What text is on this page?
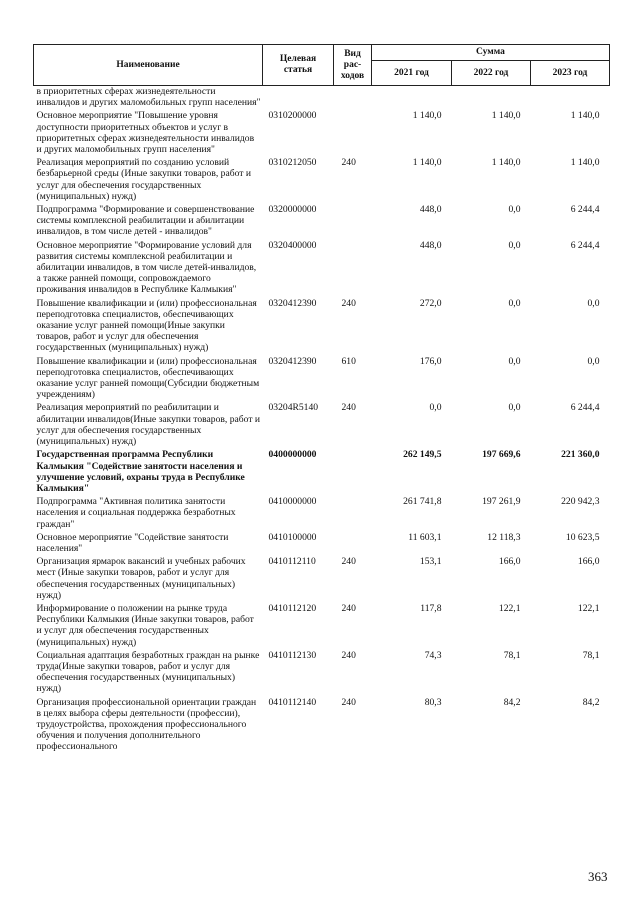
Наименование	Целевая статья	Вид рас-ходов	Сумма		
			2021 год	2022 год	2023 год
в приоритетных сферах жизнедеятельности инвалидов и других маломобильных групп населения"					
Основное мероприятие "Повышение уровня доступности приоритетных объектов и услуг в приоритетных сферах жизнедеятельности инвалидов и других маломобильных групп населения"	0310200000		1 140,0	1 140,0	1 140,0
Реализация мероприятий по созданию условий безбарьерной среды (Иные закупки товаров, работ и услуг для обеспечения государственных (муниципальных) нужд)	0310212050	240	1 140,0	1 140,0	1 140,0
Подпрограмма "Формирование и совершенствование системы комплексной реабилитации и абилитации инвалидов, в том числе детей - инвалидов"	0320000000		448,0	0,0	6 244,4
Основное мероприятие "Формирование условий для развития системы комплексной реабилитации и абилитации инвалидов, в том числе детей-инвалидов, а также ранней помощи, сопровождаемого проживания инвалидов в Республике Калмыкия"	0320400000		448,0	0,0	6 244,4
Повышение квалификации и (или) профессиональная переподготовка специалистов, обеспечивающих оказание услуг ранней помощи(Иные закупки товаров, работ и услуг для обеспечения государственных (муниципальных) нужд)	0320412390	240	272,0	0,0	0,0
Повышение квалификации и (или) профессиональная переподготовка специалистов, обеспечивающих оказание услуг ранней помощи(Субсидии бюджетным учреждениям)	0320412390	610	176,0	0,0	0,0
Реализация мероприятий по реабилитации и абилитации инвалидов(Иные закупки товаров, работ и услуг для обеспечения государственных (муниципальных) нужд)	03204R5140	240	0,0	0,0	6 244,4
Государственная программа Республики Калмыкия "Содействие занятости населения и улучшение условий, охраны труда в Республике Калмыкия"	0400000000		262 149,5	197 669,6	221 360,0
Подпрограмма "Активная политика занятости населения и социальная поддержка безработных граждан"	0410000000		261 741,8	197 261,9	220 942,3
Основное мероприятие "Содействие занятости населения"	0410100000		11 603,1	12 118,3	10 623,5
Организация ярмарок вакансий и учебных рабочих мест (Иные закупки товаров, работ и услуг для обеспечения государственных (муниципальных) нужд)	0410112110	240	153,1	166,0	166,0
Информирование о положении на рынке труда Республики Калмыкия (Иные закупки товаров, работ и услуг для обеспечения государственных (муниципальных) нужд)	0410112120	240	117,8	122,1	122,1
Социальная адаптация безработных граждан на рынке труда(Иные закупки товаров, работ и услуг для обеспечения государственных (муниципальных) нужд)	0410112130	240	74,3	78,1	78,1
Организация профессиональной ориентации граждан в целях выбора сферы деятельности (профессии), трудоустройства, прохождения профессионального обучения и получения дополнительного профессионального	0410112140	240	80,3	84,2	84,2
363
